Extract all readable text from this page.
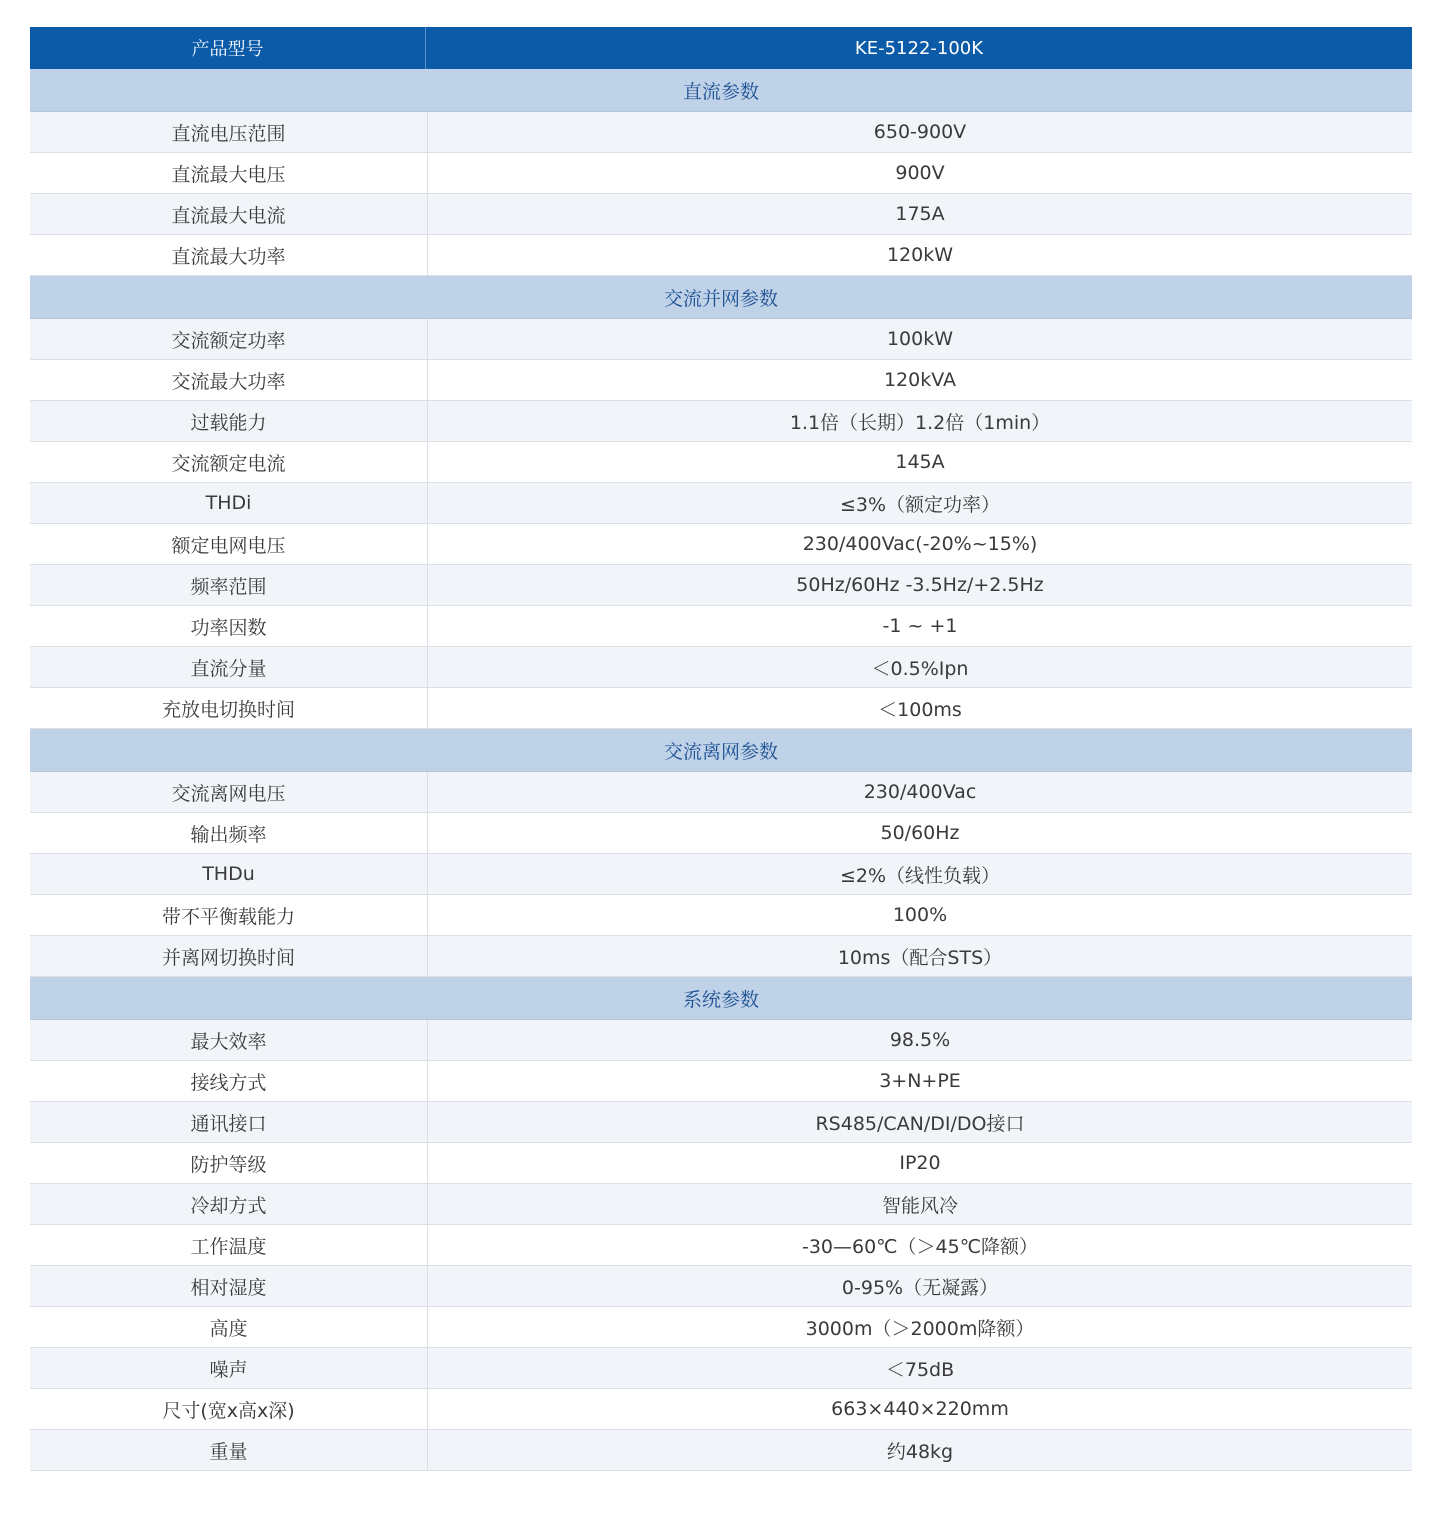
产品型号	KE-5122-100K
直流参数
直流电压范围	650-900V
直流最大电压	900V
直流最大电流	175A
直流最大功率	120kW
交流并网参数
交流额定功率	100kW
交流最大功率	120kVA
过载能力	1.1倍（长期）1.2倍（1min）
交流额定电流	145A
THDi	≤3%（额定功率）
额定电网电压	230/400Vac(-20%~15%)
频率范围	50Hz/60Hz -3.5Hz/+2.5Hz
功率因数	-1 ~ +1
直流分量	＜0.5%Ipn
充放电切换时间	＜100ms
交流离网参数
交流离网电压	230/400Vac
输出频率	50/60Hz
THDu	≤2%（线性负载）
带不平衡载能力	100%
并离网切换时间	10ms（配合STS）
系统参数
最大效率	98.5%
接线方式	3+N+PE
通讯接口	RS485/CAN/DI/DO接口
防护等级	IP20
冷却方式	智能风冷
工作温度	-30—60℃（＞45℃降额）
相对湿度	0-95%（无凝露）
高度	3000m（＞2000m降额）
噪声	＜75dB
尺寸(宽x高x深)	663×440×220mm
重量	约48kg
